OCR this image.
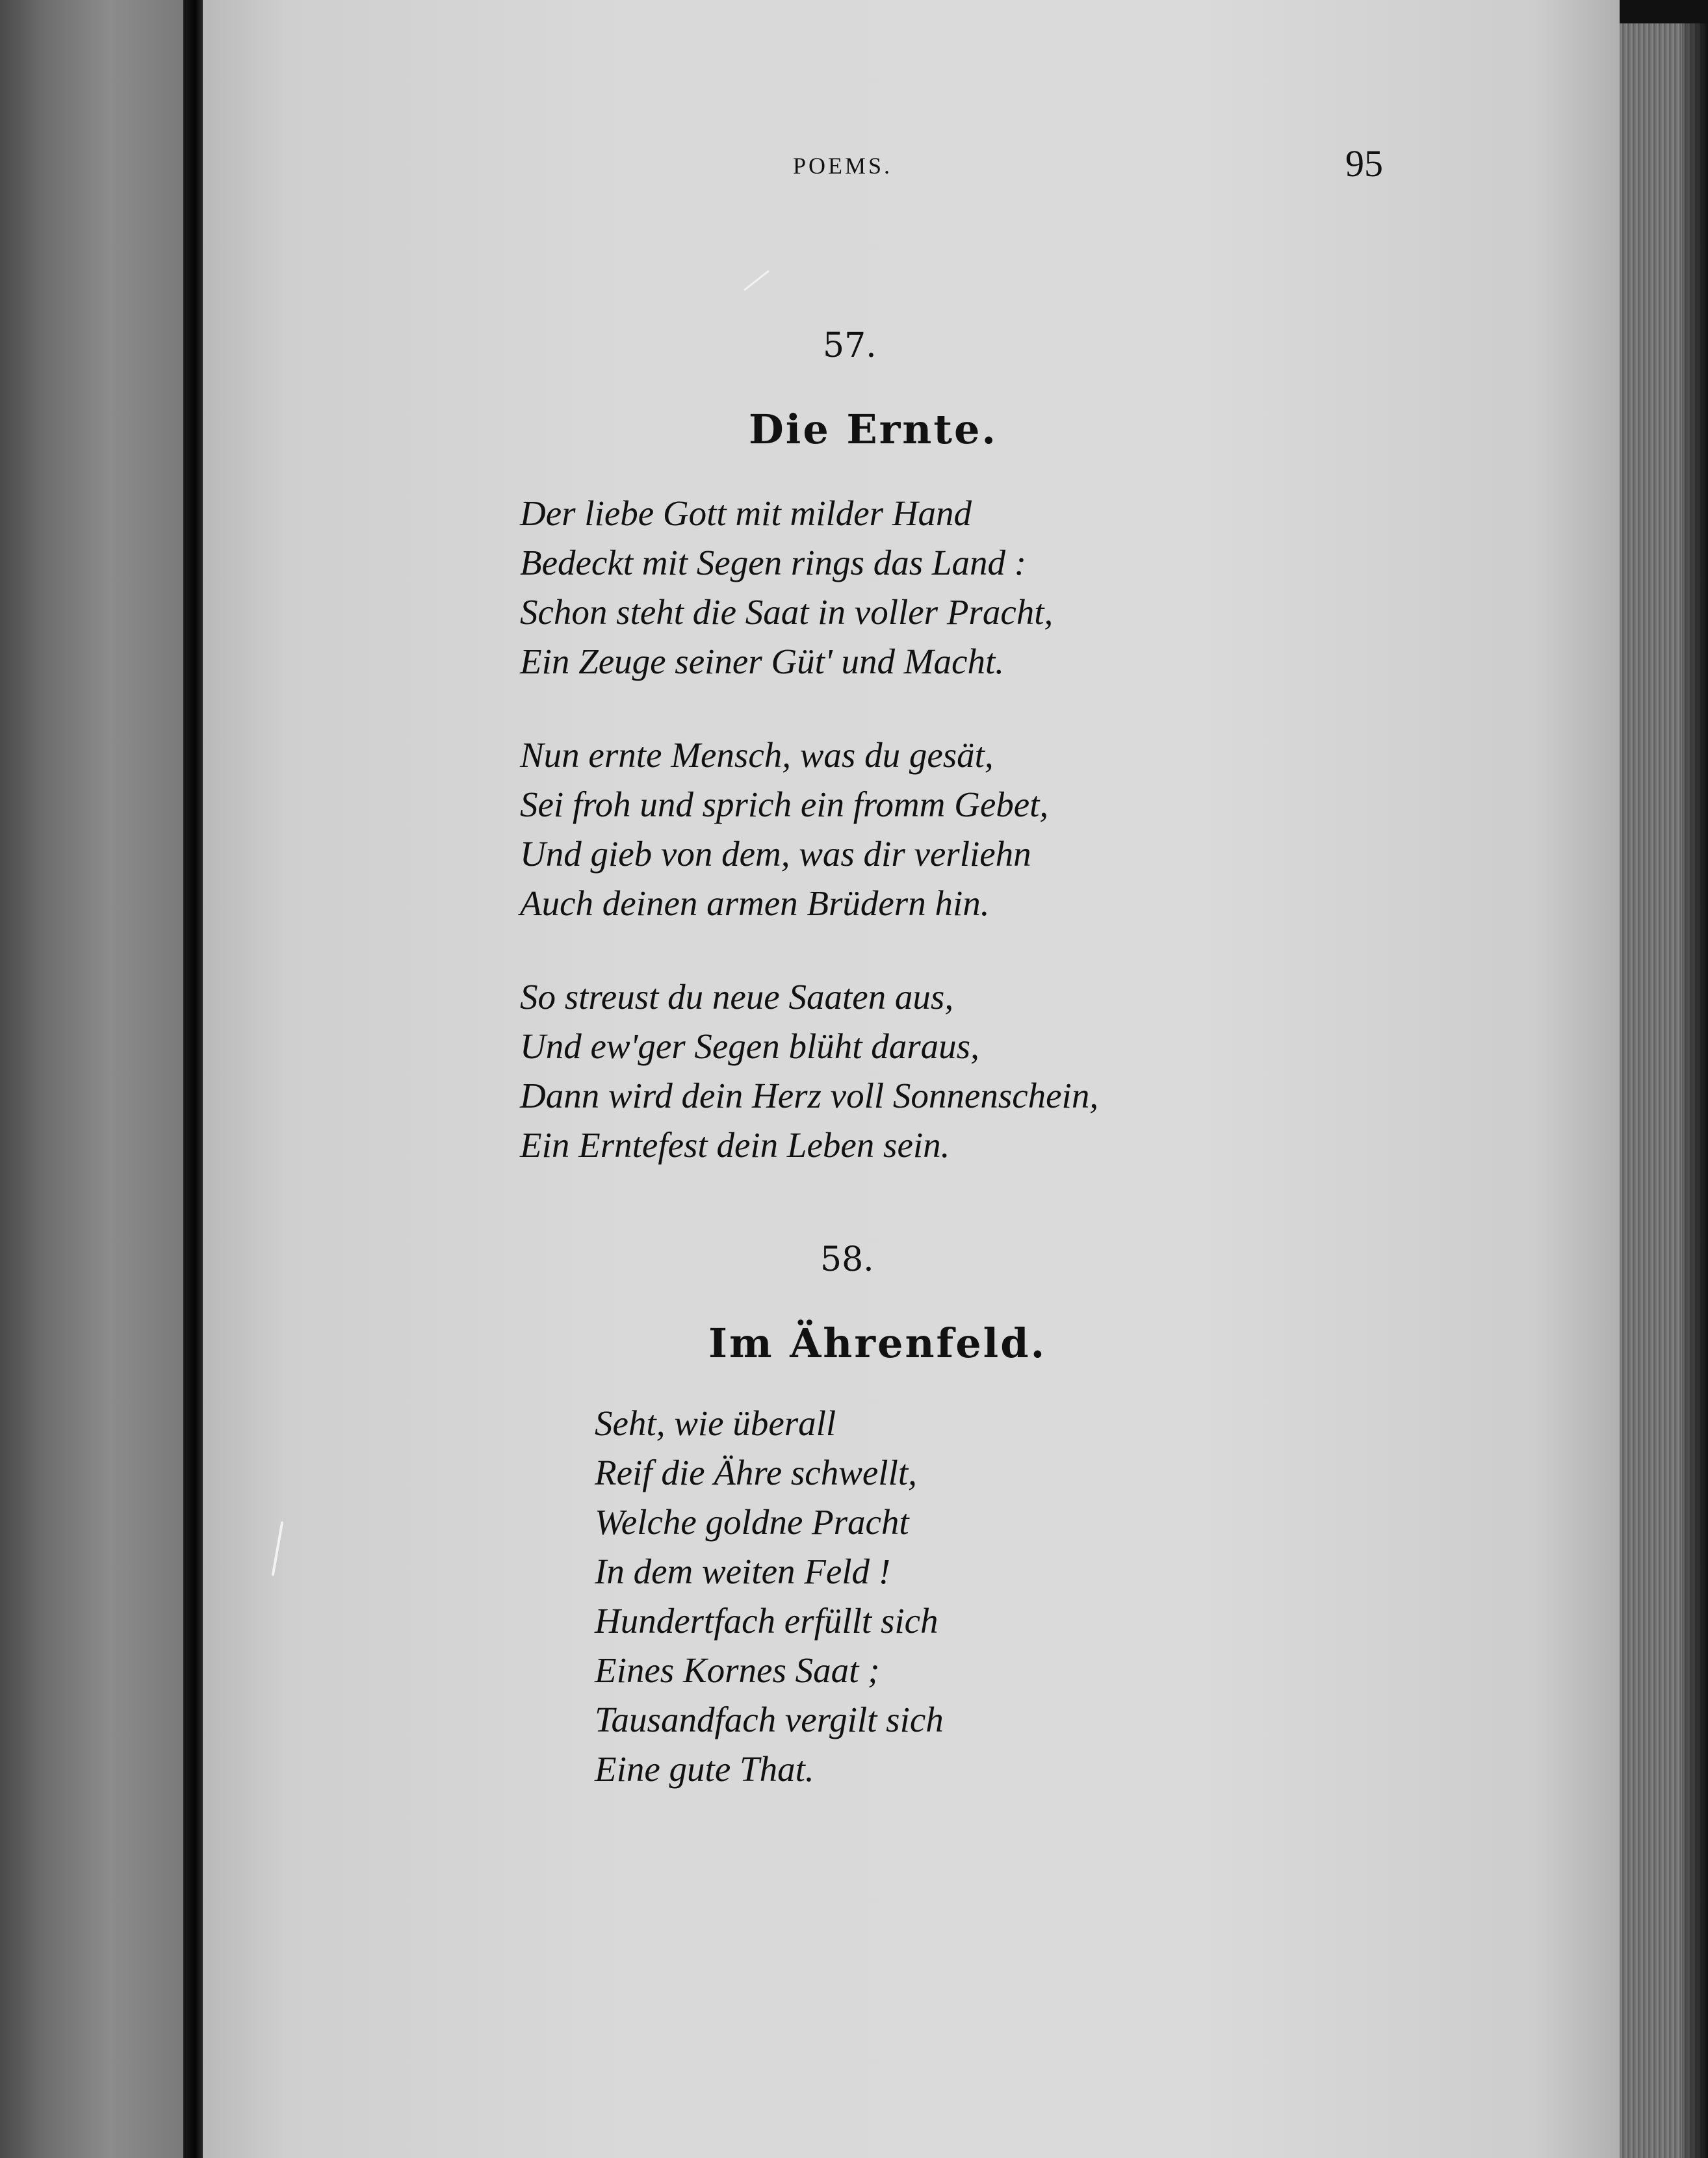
POEMS.	95
57.
Die Ernte.
Der liebe Gott mit milder Hand
Bedeckt mit Segen rings das Land :
Schon steht die Saat in voller Pracht,
Ein Zeuge seiner Güt' und Macht.
Nun ernte Mensch, was du gesät,
Sei froh und sprich ein fromm Gebet,
Und gieb von dem, was dir verliehn
Auch deinen armen Brüdern hin.
So streust du neue Saaten aus,
Und ew'ger Segen blüht daraus,
Dann wird dein Herz voll Sonnenschein,
Ein Erntefest dein Leben sein.
58.
Im Ährenfeld.
Seht, wie überall
Reif die Ähre schwellt,
Welche goldne Pracht
In dem weiten Feld !
Hundertfach erfüllt sich
Eines Kornes Saat ;
Tausandfach vergilt sich
Eine gute That.
